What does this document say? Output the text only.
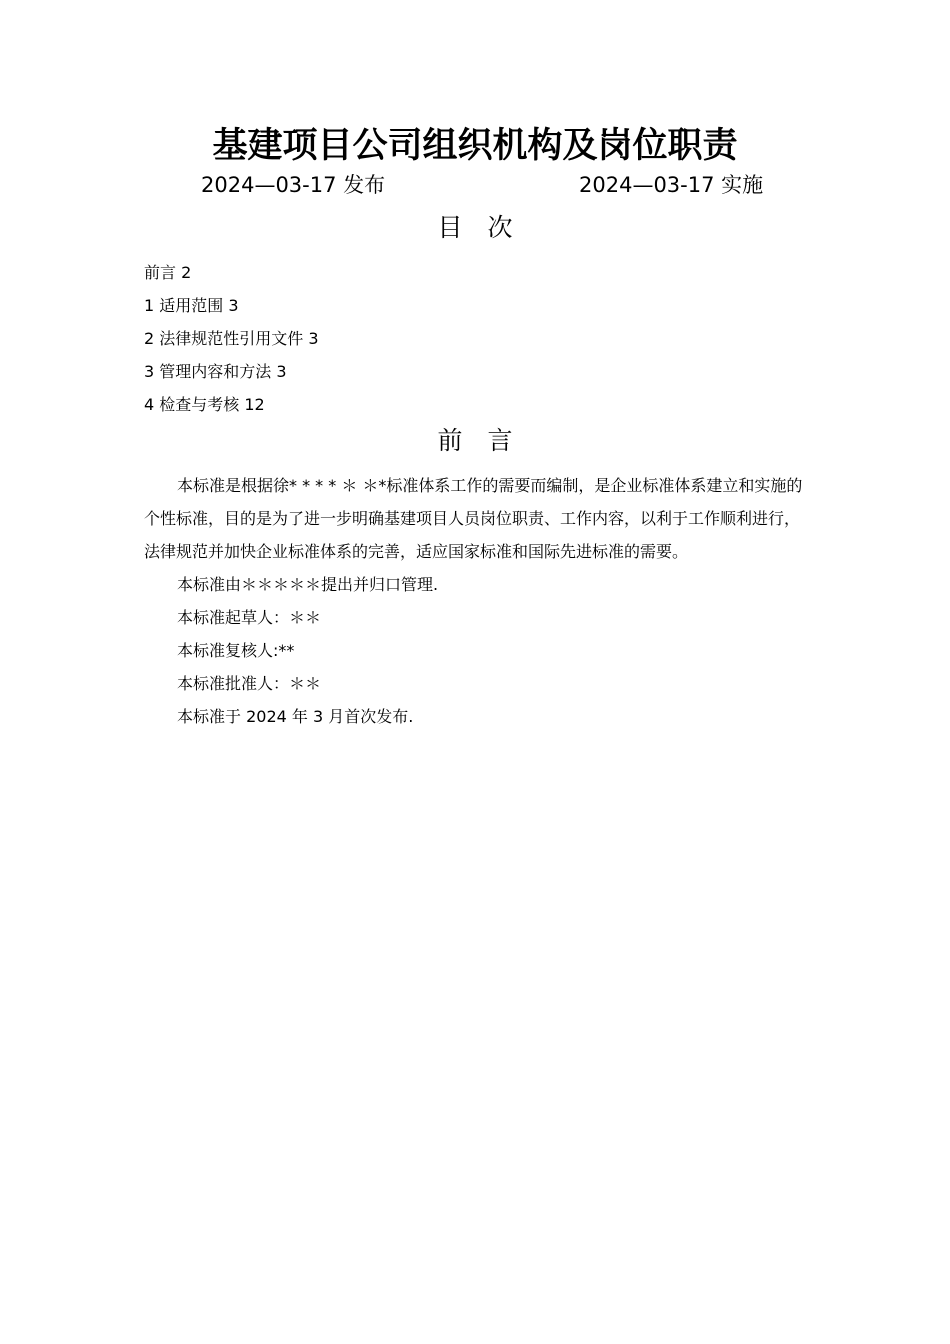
基建项目公司组织机构及岗位职责
2024—03-17 发布	2024—03-17 实施
目　次
前言 2
1 适用范围 3
2 法律规范性引用文件 3
3 管理内容和方法 3
4 检查与考核 12
前　言

本标准是根据徐* * * * ＊ ＊*标准体系工作的需要而编制，是企业标准体系建立和实施的个性标准，目的是为了进一步明确基建项目人员岗位职责、工作内容，以利于工作顺利进行，法律规范并加快企业标准体系的完善，适应国家标准和国际先进标准的需要。

本标准由＊＊＊＊＊提出并归口管理.

本标准起草人：＊＊

本标准复核人:**

本标准批准人：＊＊

本标准于 2024 年 3 月首次发布.
